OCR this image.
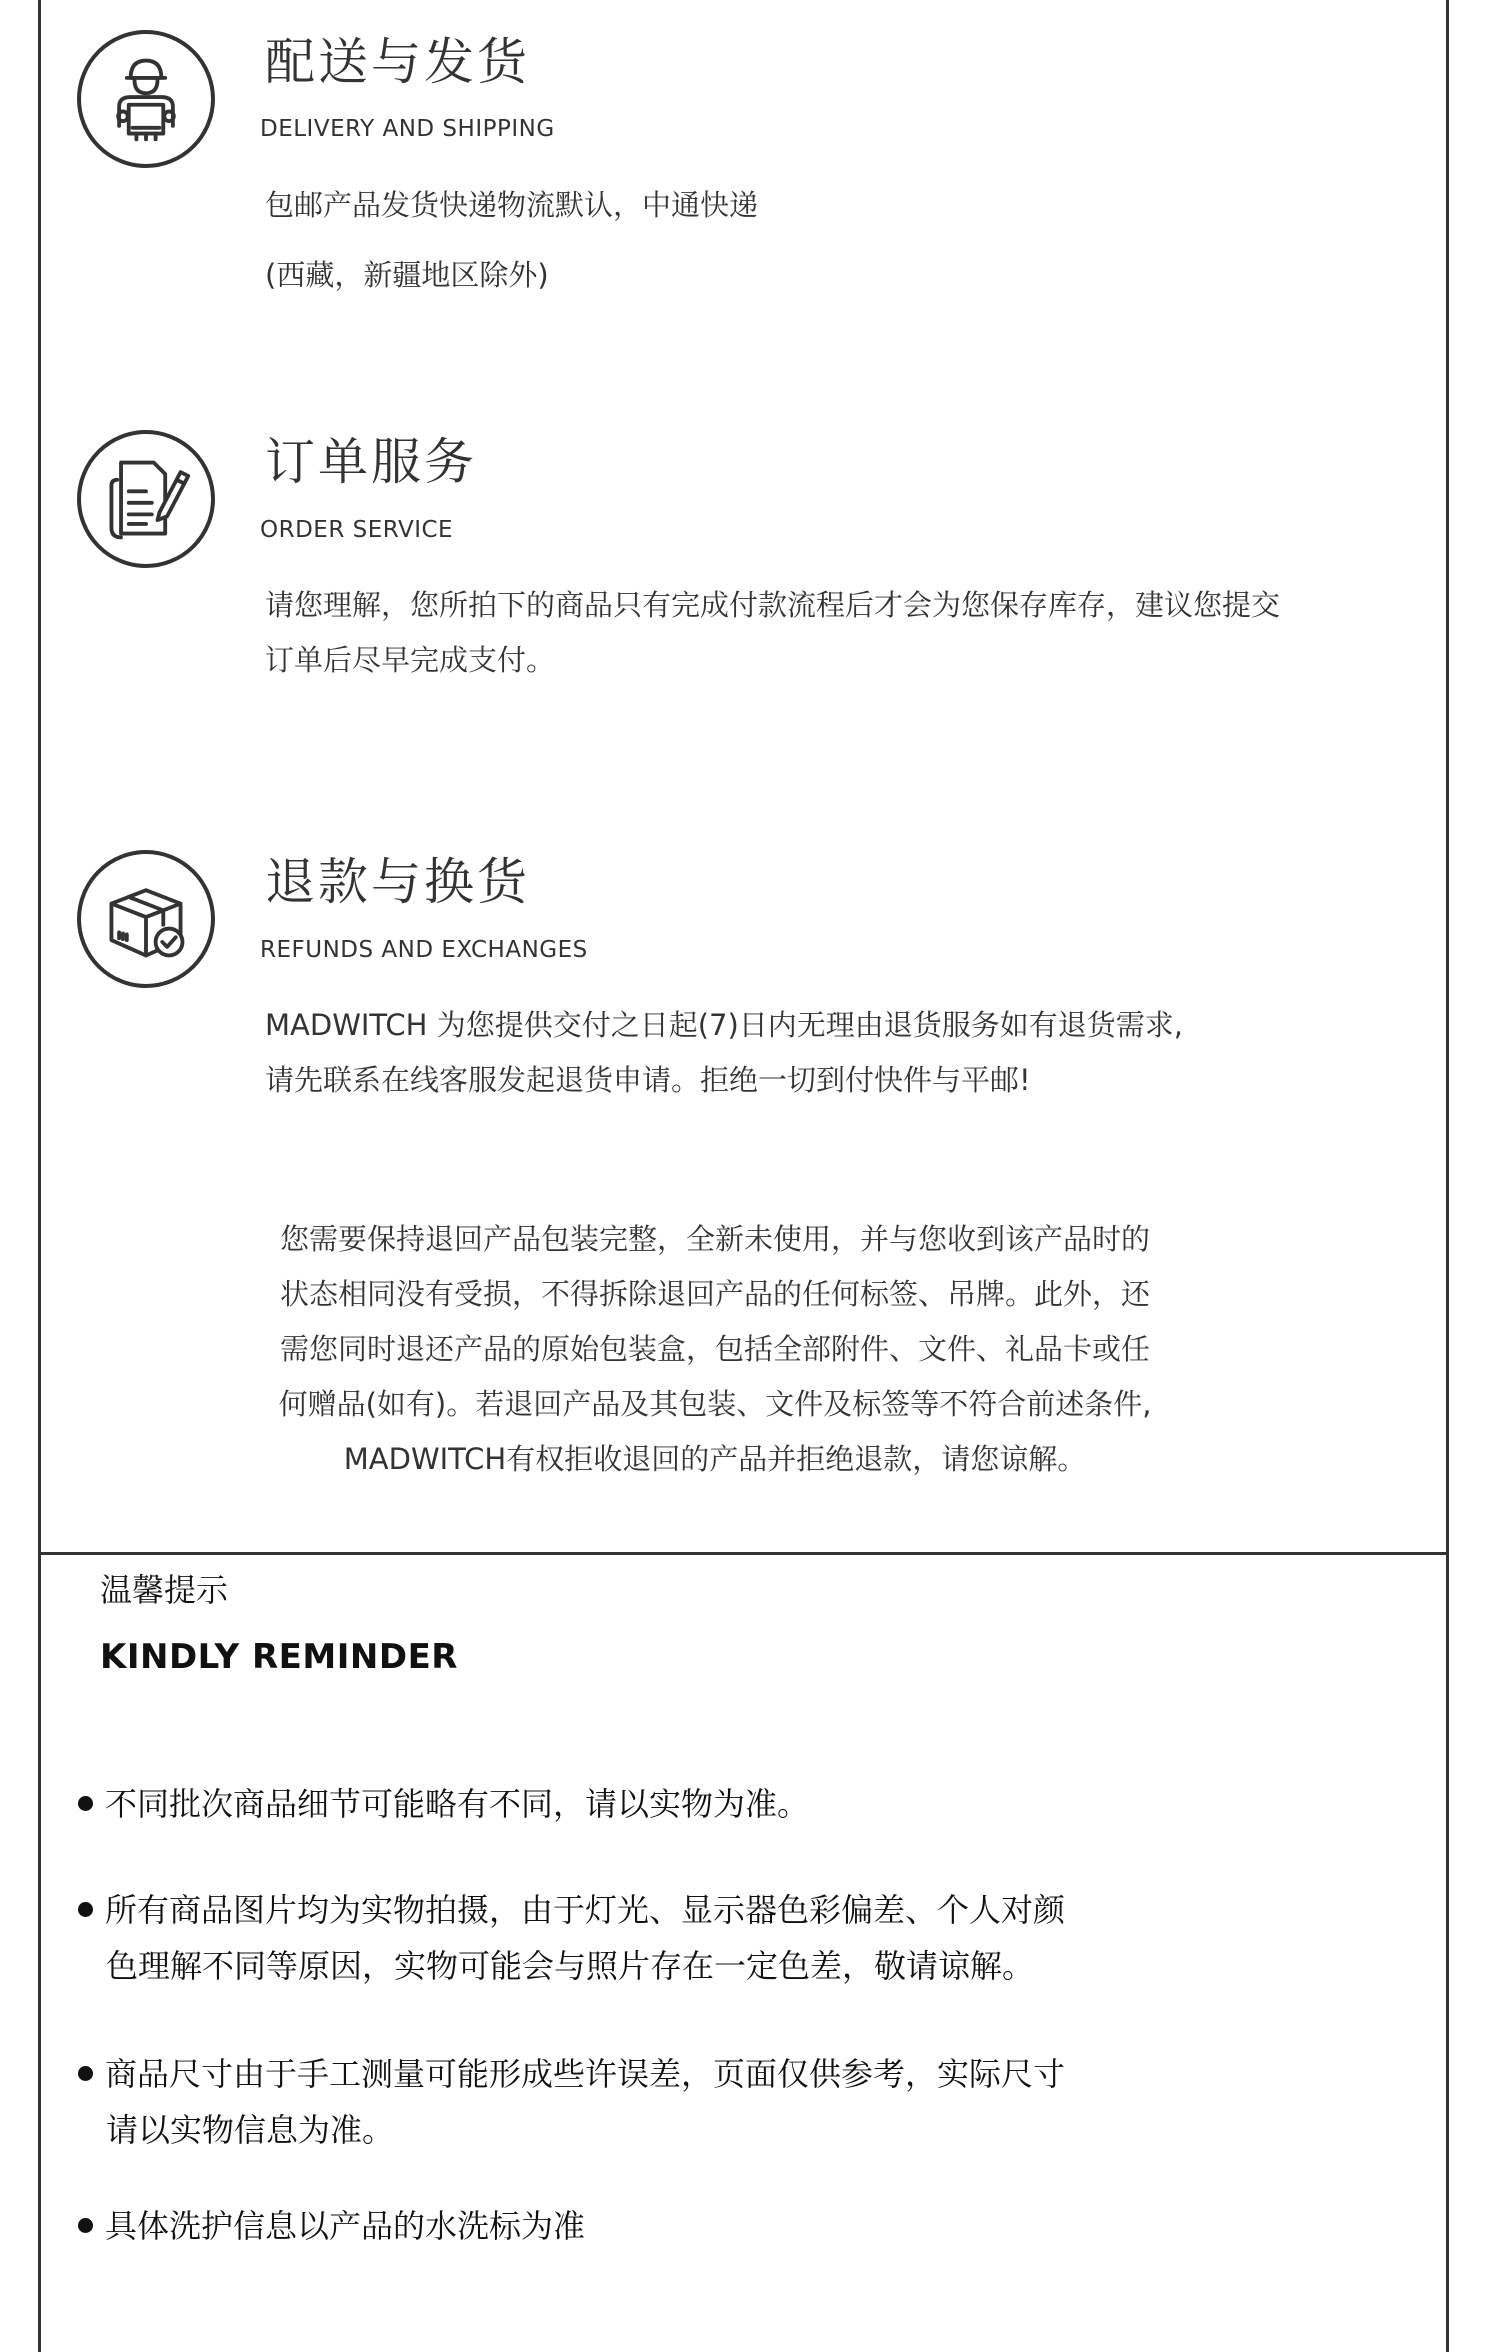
配送与发货
DELIVERY AND SHIPPING

包邮产品发货快递物流默认，中通快递

(西藏，新疆地区除外)

订单服务
ORDER SERVICE

请您理解，您所拍下的商品只有完成付款流程后才会为您保存库存，建议您提交

订单后尽早完成支付。

退款与换货
REFUNDS AND EXCHANGES

MADWITCH 为您提供交付之日起(7)日内无理由退货服务如有退货需求,

请先联系在线客服发起退货申请。拒绝一切到付快件与平邮!

您需要保持退回产品包装完整，全新未使用，并与您收到该产品时的

状态相同没有受损，不得拆除退回产品的任何标签、吊牌。此外，还

需您同时退还产品的原始包装盒，包括全部附件、文件、礼品卡或任

何赠品(如有)。若退回产品及其包装、文件及标签等不符合前述条件,

MADWITCH有权拒收退回的产品并拒绝退款，请您谅解。

温馨提示
KINDLY REMINDER
不同批次商品细节可能略有不同，请以实物为准。
所有商品图片均为实物拍摄，由于灯光、显示器色彩偏差、个人对颜
色理解不同等原因，实物可能会与照片存在一定色差，敬请谅解。
商品尺寸由于手工测量可能形成些许误差，页面仅供参考，实际尺寸
请以实物信息为准。
具体洗护信息以产品的水洗标为准
